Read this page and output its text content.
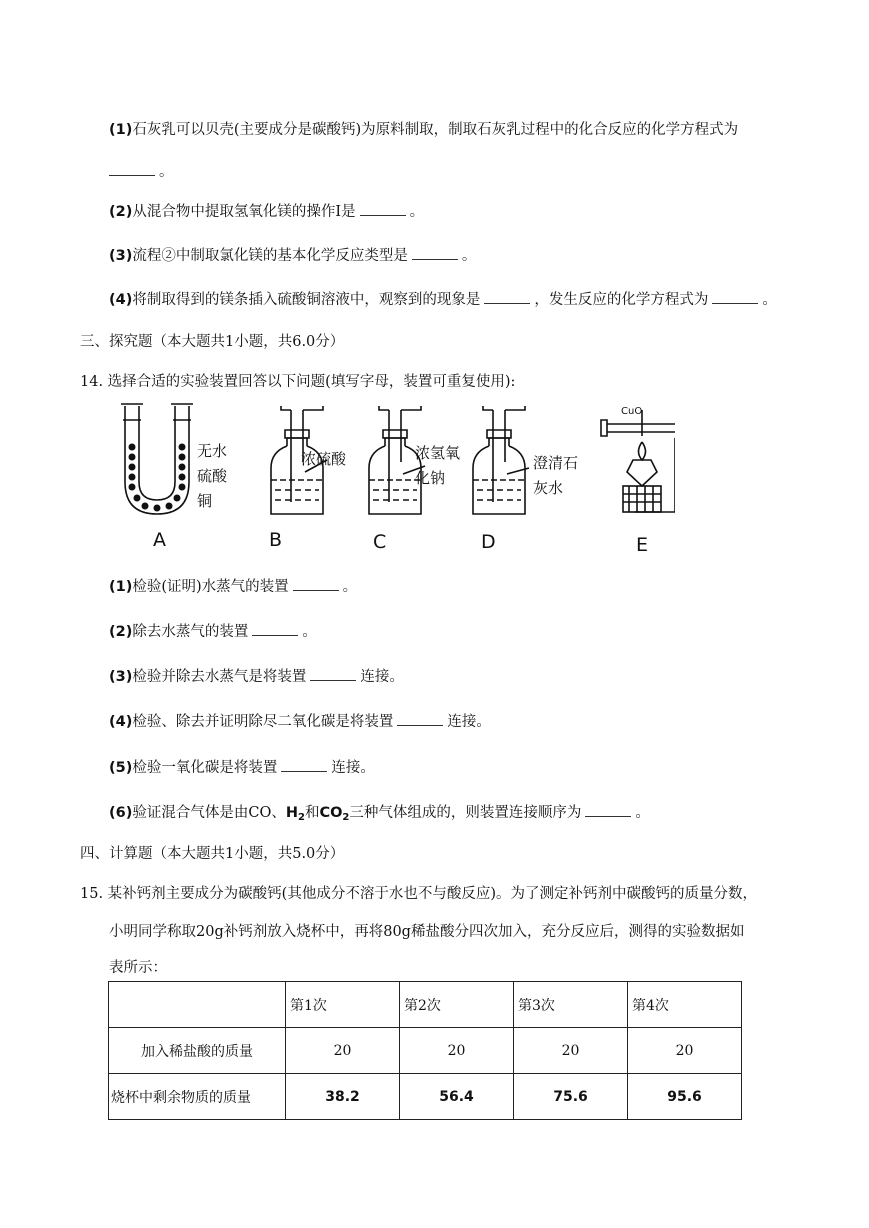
(1)石灰乳可以贝壳(主要成分是碳酸钙)为原料制取，制取石灰乳过程中的化合反应的化学方程式为
。
(2)从混合物中提取氢氧化镁的操作Ⅰ是	。
(3)流程②中制取氯化镁的基本化学反应类型是	。
(4)将制取得到的镁条插入硫酸铜溶液中，观察到的现象是	，发生反应的化学方程式为	。
三、探究题（本大题共1小题，共6.0分）
14. 选择合适的实验装置回答以下问题(填写字母，装置可重复使用):
无水
硫酸
铜
浓硫酸	浓氢氧
化钠
澄清石
灰水
CuO
A	B	C	D	E
(1)检验(证明)水蒸气的装置	。
(2)除去水蒸气的装置	。
(3)检验并除去水蒸气是将装置	连接。
(4)检验、除去并证明除尽二氧化碳是将装置	连接。
(5)检验一氧化碳是将装置	连接。
(6)验证混合气体是由CO、$H_2$和$CO_2$三种气体组成的，则装置连接顺序为	。
四、计算题（本大题共1小题，共5.0分）
15. 某补钙剂主要成分为碳酸钙(其他成分不溶于水也不与酸反应)。为了测定补钙剂中碳酸钙的质量分数，
小明同学称取20g补钙剂放入烧杯中，再将80g稀盐酸分四次加入，充分反应后，测得的实验数据如
表所示：
	第1次	第2次	第3次	第4次
加入稀盐酸的质量	20	20	20	20
烧杯中剩余物质的质量	38.2	56.4	75.6	95.6
